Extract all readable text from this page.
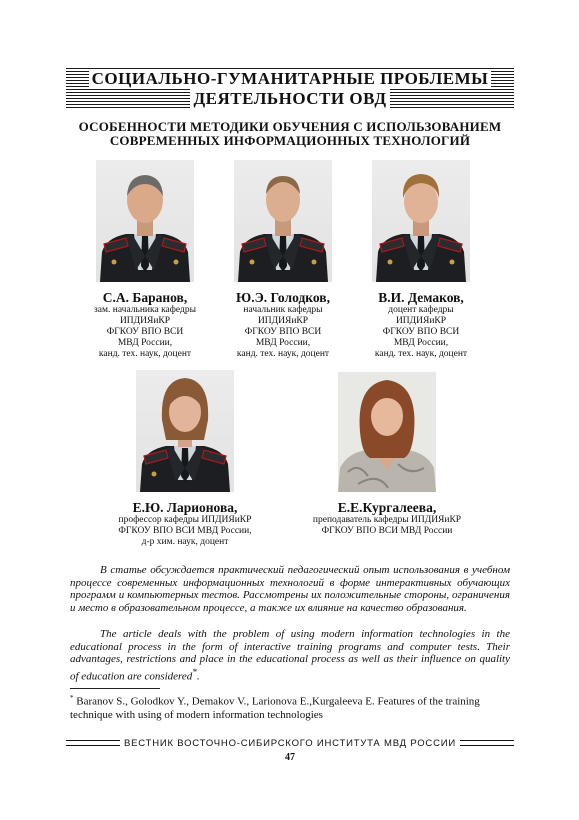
СОЦИАЛЬНО-ГУМАНИТАРНЫЕ ПРОБЛЕМЫ
ДЕЯТЕЛЬНОСТИ ОВД
ОСОБЕННОСТИ МЕТОДИКИ ОБУЧЕНИЯ С ИСПОЛЬЗОВАНИЕМ
СОВРЕМЕННЫХ ИНФОРМАЦИОННЫХ ТЕХНОЛОГИЙ
С.А. Баранов,
зам. начальника кафедры
ИПДИЯиКР
ФГКОУ ВПО ВСИ
МВД России,
канд. тех. наук, доцент
Ю.Э. Голодков,
начальник кафедры
ИПДИЯиКР
ФГКОУ ВПО ВСИ
МВД России,
канд. тех. наук, доцент
В.И. Демаков,
доцент кафедры
ИПДИЯиКР
ФГКОУ ВПО ВСИ
МВД России,
канд. тех. наук, доцент
Е.Ю. Ларионова,
профессор кафедры ИПДИЯиКР
ФГКОУ ВПО ВСИ МВД России,
д-р хим. наук, доцент
Е.Е.Кургалеева,
преподаватель кафедры ИПДИЯиКР
ФГКОУ ВПО ВСИ МВД России

В статье обсуждается практический педагогический опыт использования в учебном процессе современных информационных технологий в форме интерактивных обучающих программ и компьютерных тестов. Рассмотрены их положительные стороны, ограничения и место в образовательном процессе, а также их влияние на качество образования.

The article deals with the problem of using modern information technologies in the educational process in the form of interactive training programs and computer tests. Their advantages, restrictions and place in the educational process as well as their influence on quality of education are considered*.

* Baranov S., Golodkov Y., Demakov V., Larionova E.,Kurgaleeva E. Features of the training technique with using of modern information technologies
ВЕСТНИК ВОСТОЧНО-СИБИРСКОГО ИНСТИТУТА МВД РОССИИ
47
